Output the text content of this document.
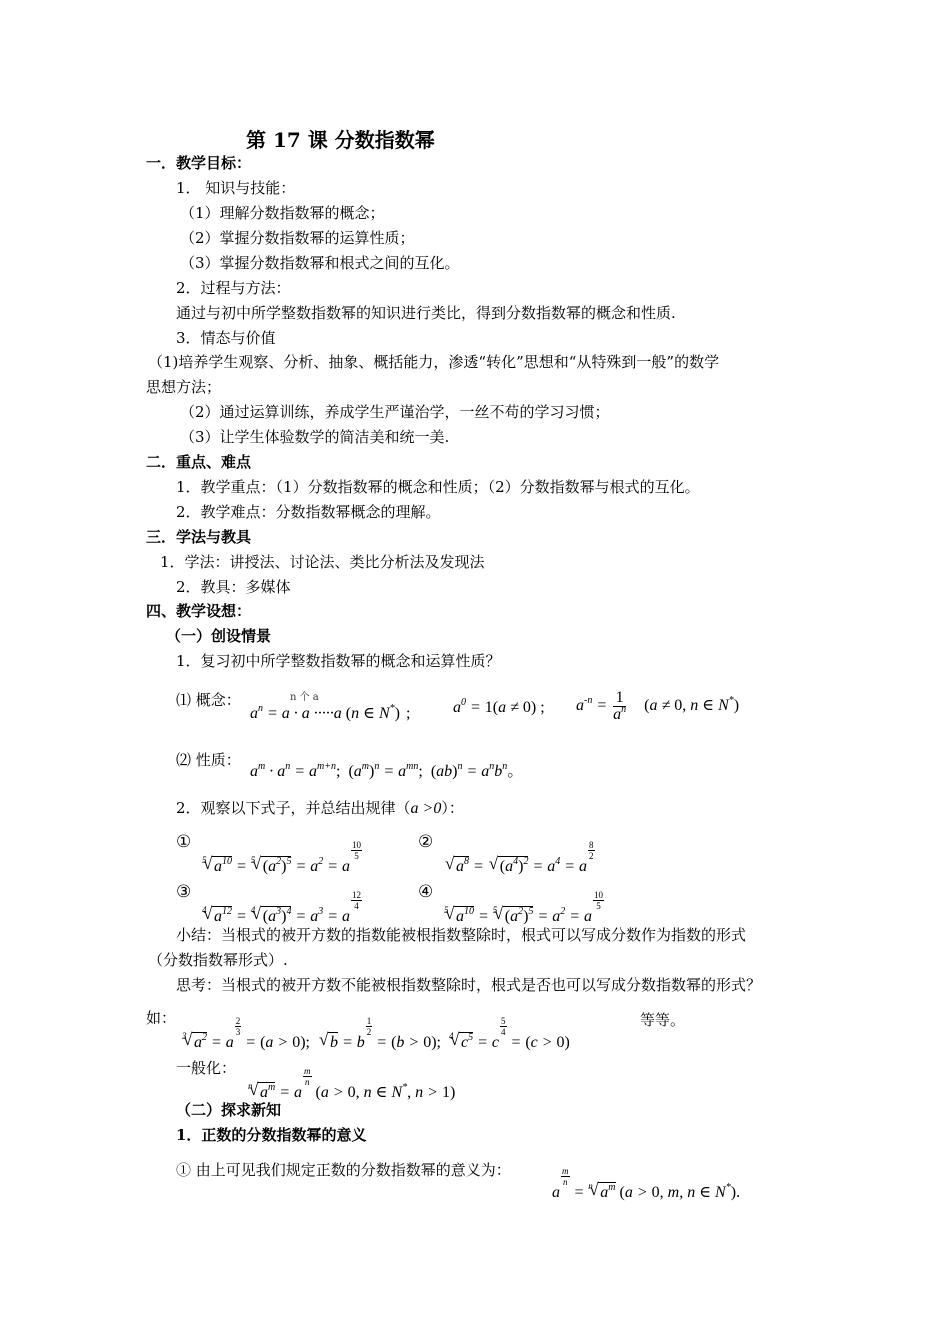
第 17 课 分数指数幂
一．教学目标：
1． 知识与技能：
（1）理解分数指数幂的概念；
（2）掌握分数指数幂的运算性质；
（3）掌握分数指数幂和根式之间的互化。
2．过程与方法：
通过与初中所学整数指数幂的知识进行类比，得到分数指数幂的概念和性质.
3．情态与价值
（1)培养学生观察、分析、抽象、概括能力，渗透“转化”思想和“从特殊到一般”的数学
思想方法；
（2）通过运算训练，养成学生严谨治学，一丝不苟的学习习惯；
（3）让学生体验数学的简洁美和统一美.
二．重点、难点
1．教学重点：（1）分数指数幂的概念和性质；（2）分数指数幂与根式的互化。
2．教学难点：分数指数幂概念的理解。
三．学法与教具
1．学法：讲授法、讨论法、类比分析法及发现法
2．教具：多媒体
四、教学设想：
（一）创设情景
1．复习初中所学整数指数幂的概念和运算性质？
⑴ 概念：	n 个 a
$a^n = a \cdot a \cdot\cdot\cdot\cdot\cdot a$ (n ∈ N*) ;	$a^0 = 1(a \ne 0)$ ; $a^{-n} = \frac{1}{a^n} (a \ne 0$, n ∈ N*)
⑵ 性质：
$a^m \cdot a^n = a^{m+n}$; $(a^m)^n = a^{mn}$; $(ab)^n = a^nb^n$。
2．观察以下式子，并总结出规律（a >0）：
①
5 √ $a^{10} = 5$ √ $(a^2)^5 = a^2 = a$
$\frac{10}{5}$	②
√ $a^8$ =
√ $(a^4)^2 = a^4 = a$
$\frac{8}{2}$
③
4 √ $a^{12} = 4$ √ $(a^3)^4 = a^3 = a$
$\frac{12}{4}$	④
5 √ $a^{10} = 5$ √ $(a^2)^5 = a^2 = a$
$\frac{10}{5}$
小结：当根式的被开方数的指数能被根指数整除时，根式可以写成分数作为指数的形式
（分数指数幂形式）.
思考：当根式的被开方数不能被根指数整除时，根式是否也可以写成分数指数幂的形式？
如：
3 √ $a^2 = a$
$\frac{2}{3}$
= (a > 0); √ b = b
$\frac{1}{2}$
= (b > 0); 4 √ $c^5 = c$
$\frac{5}{4}$
= (c > 0)
等等。
一般化：
n √ $a^m = a$
$\frac{m}{n}$
(a > 0, n ∈ N*, n > 1)
（二）探求新知
1．正数的分数指数幂的意义
① 由上可见我们规定正数的分数指数幂的意义为：
a
$\frac{m}{n}$
= n √ $a^m$ (a > 0, m, n ∈ N*).
